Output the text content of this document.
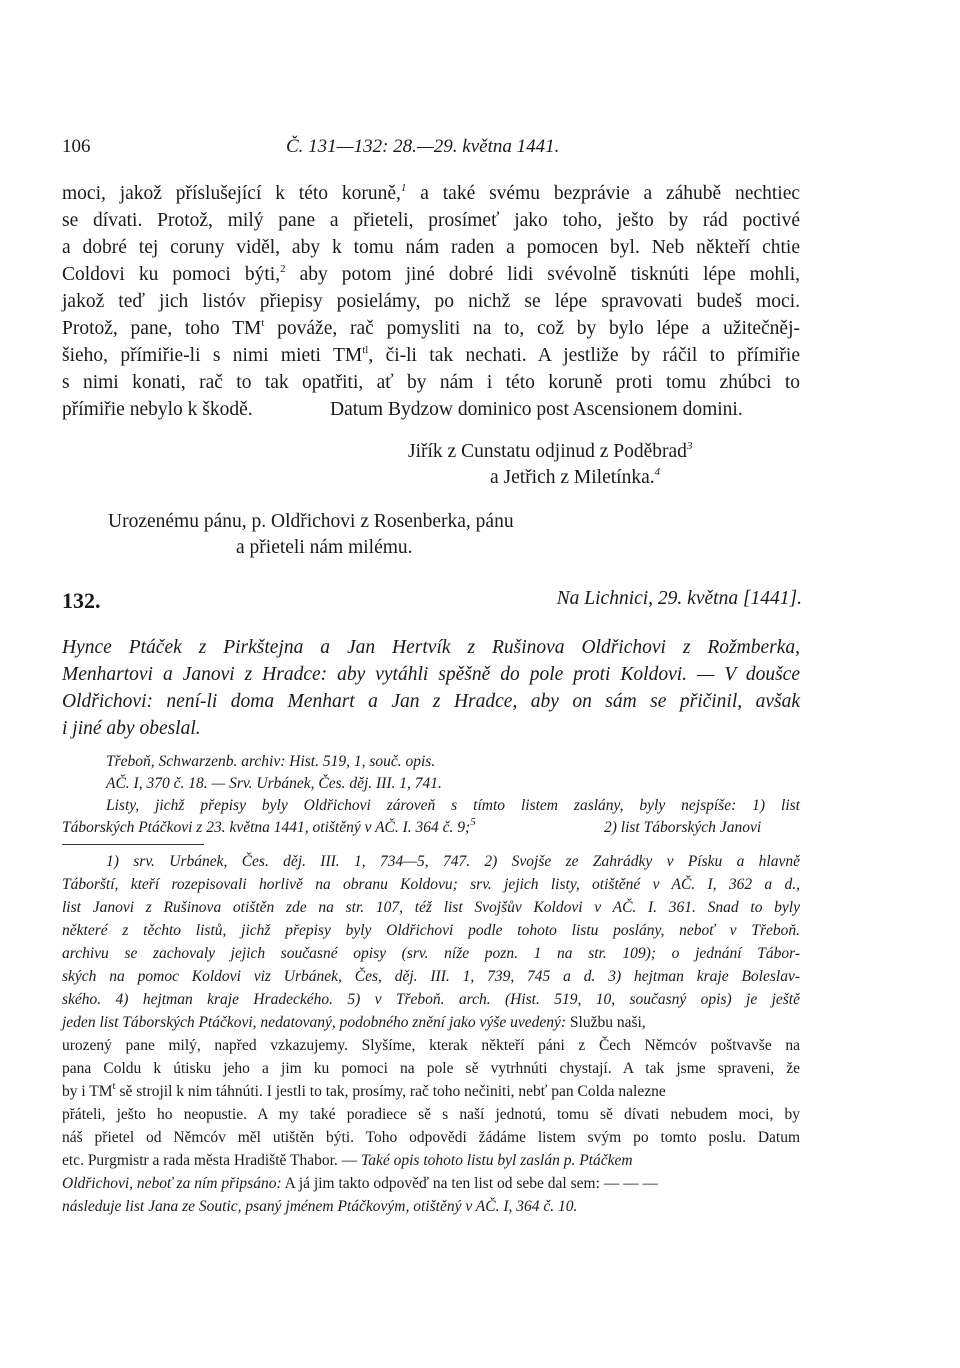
106	Č. 131—132: 28.—29. května 1441.
moci, jakož příslušející k této koruně,$^1$ a také svému bezprávie a záhubě nechtiec
se dívati. Protož, milý pane a přieteli, prosímeť jako toho, ješto by rád poctivé
a dobré tej coruny viděl, aby k tomu nám raden a pomocen byl. Neb někteří chtie
Coldovi ku pomoci býti,$^2$ aby potom jiné dobré lidi svévolně tisknúti lépe mohli,
jakož teď jich listóv přiepisy posielámy, po nichž se lépe spravovati budeš moci.
Protož, pane, toho $TM^t$ pováže, rač pomysliti na to, což by bylo lépe a užitečněj-
šieho, přímiřie-li s nimi mieti $TM^{tl}$, či-li tak nechati. A jestliže by ráčil to přímiřie
s nimi konati, rač to tak opatřiti, ať by nám i této koruně proti tomu zhúbci to
přímiřie nebylo k škodě.	Datum Bydzow dominico post Ascensionem domini.
Jiřík z Cunstatu odjinud z Poděbrad$^3$
a Jetřich z Miletínka.$^4$
Urozenému pánu, p. Oldřichovi z Rosenberka, pánu
a přieteli nám milému.
132.	Na Lichnici, 29. května [1441].
Hynce Ptáček z Pirkštejna a Jan Hertvík z Rušinova Oldřichovi z Rožmberka,
Menhartovi a Janovi z Hradce: aby vytáhli spěšně do pole proti Koldovi. — V doušce
Oldřichovi: není-li doma Menhart a Jan z Hradce, aby on sám se přičinil, avšak
i jiné aby obeslal.
Třeboň, Schwarzenb. archiv: Hist. 519, 1, souč. opis.
AČ. I, 370 č. 18. — Srv. Urbánek, Čes. děj. III. 1, 741.
Listy, jichž přepisy byly Oldřichovi zároveň s tímto listem zaslány, byly nejspíše: 1) list
Táborských Ptáčkovi z 23. května 1441, otištěný v AČ. I. 364 č. 9;$^5$	2) list Táborských Janovi
1) srv. Urbánek, Čes. děj. III. 1, 734—5, 747. 2) Svojše ze Zahrádky v Písku a hlavně
Táborští, kteří rozepisovali horlivě na obranu Koldovu; srv. jejich listy, otištěné v AČ. I, 362 a d.,
list Janovi z Rušinova otištěn zde na str. 107, též list Svojšův Koldovi v AČ. I. 361. Snad to byly
některé z těchto listů, jichž přepisy byly Oldřichovi podle tohoto listu poslány, neboť v Třeboň.
archivu se zachovaly jejich současné opisy (srv. níže pozn. 1 na str. 109); o jednání Tábor-
ských na pomoc Koldovi viz Urbánek, Čes, děj. III. 1, 739, 745 a d. 3) hejtman kraje Boleslav-
ského. 4) hejtman kraje Hradeckého. 5) v Třeboň. arch. (Hist. 519, 10, současný opis) je ještě
jeden list Táborských Ptáčkovi, nedatovaný, podobného znění jako výše uvedený: Službu naši,
urozený pane milý, napřed vzkazujemy. Slyšíme, kterak někteří páni z Čech Němcóv poštvavše na
pana Coldu k útisku jeho a jim ku pomoci na pole sě vytrhnúti chystají. A tak jsme spraveni, že
by i $TM^t$ sě strojil k nim táhnúti. I jestli to tak, prosímy, rač toho nečiniti, nebť pan Colda nalezne
přáteli, ješto ho neopustie. A my také poradiece sě s naší jednotú, tomu sě dívati nebudem moci, by
náš přietel od Němcóv měl utištěn býti. Toho odpovědi žádáme listem svým po tomto poslu. Datum
etc. Purgmistr a rada města Hradiště Thabor. — Také opis tohoto listu byl zaslán p. Ptáčkem
Oldřichovi, neboť za ním připsáno: A já jim takto odpověď na ten list od sebe dal sem: — — —
následuje list Jana ze Soutic, psaný jménem Ptáčkovým, otištěný v AČ. I, 364 č. 10.
